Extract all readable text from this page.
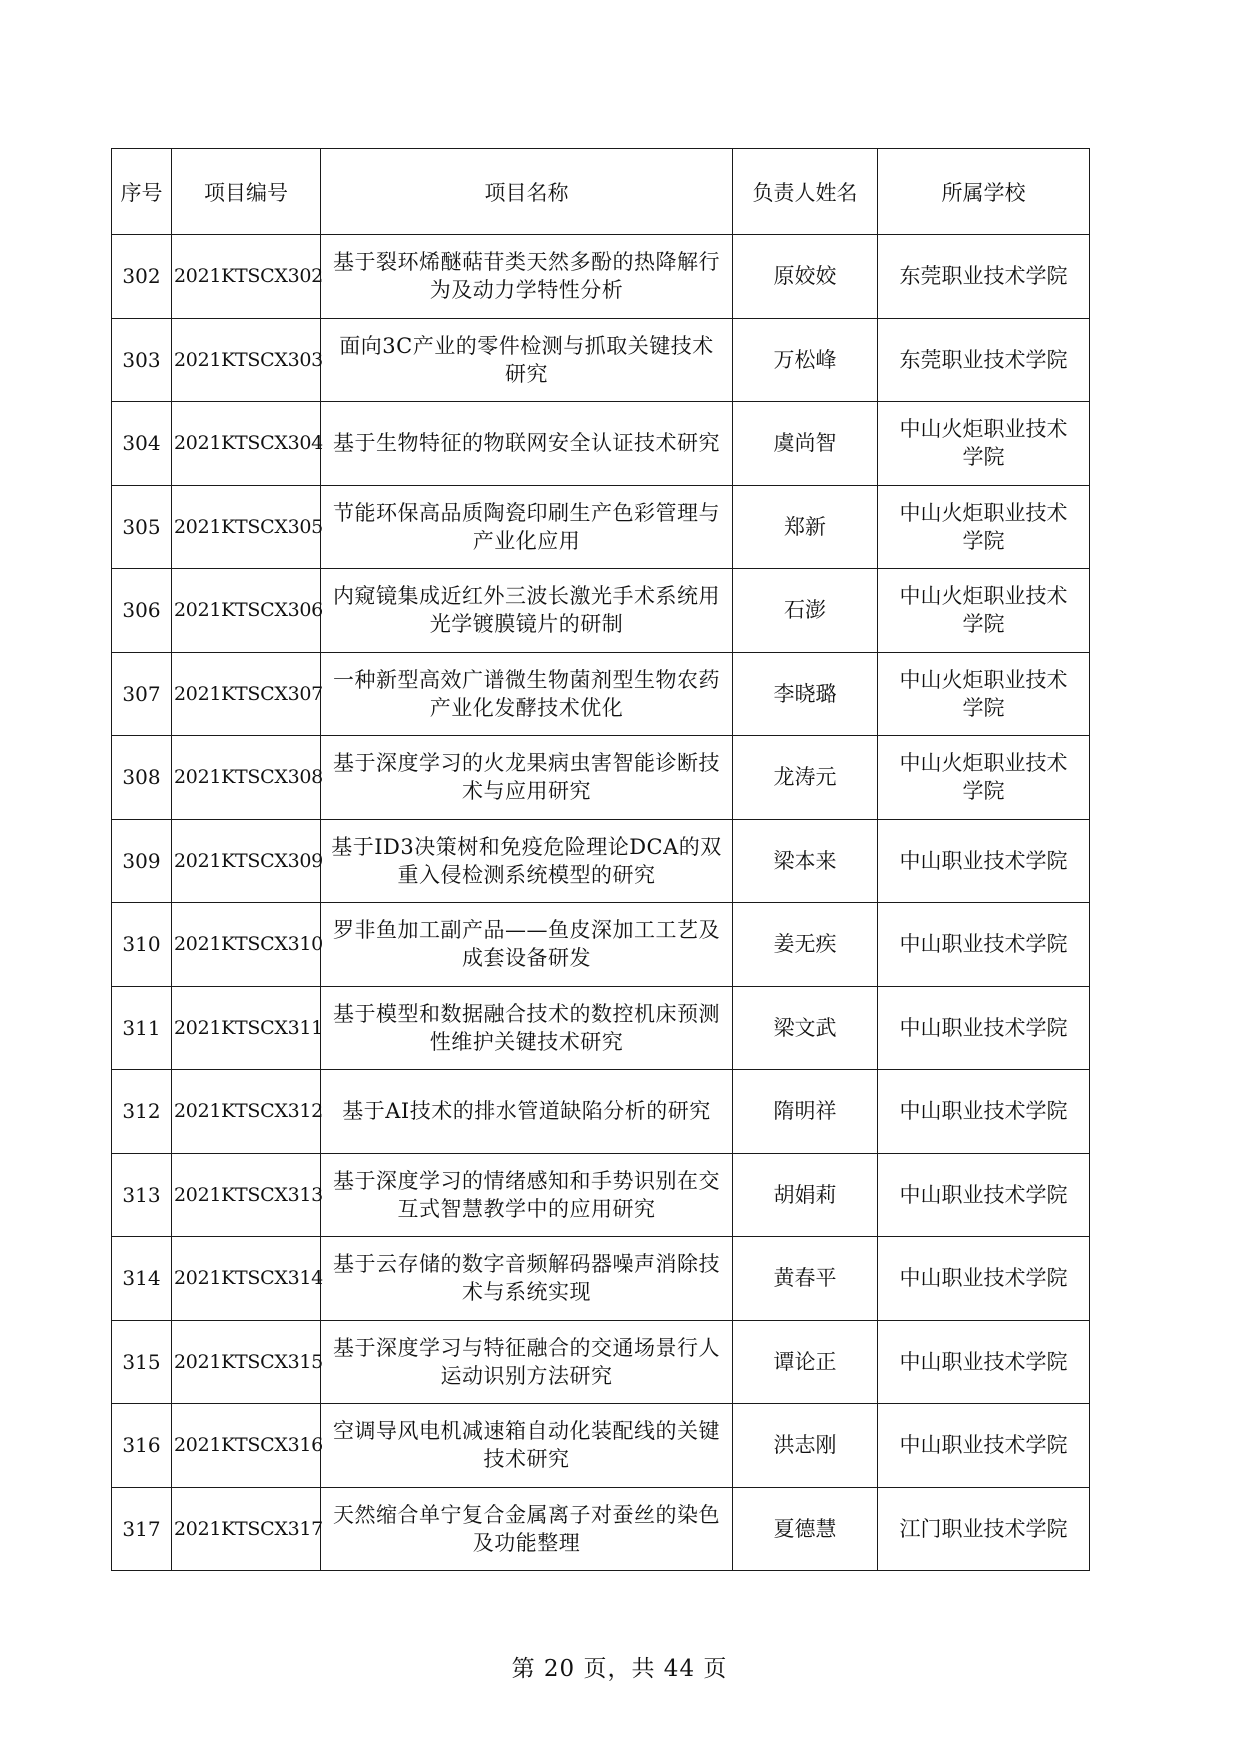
序号	项目编号	项目名称	负责人姓名	所属学校
302	2021KTSCX302	基于裂环烯醚萜苷类天然多酚的热降解行为及动力学特性分析	原姣姣	东莞职业技术学院
303	2021KTSCX303	面向3C产业的零件检测与抓取关键技术研究	万松峰	东莞职业技术学院
304	2021KTSCX304	基于生物特征的物联网安全认证技术研究	虞尚智	中山火炬职业技术学院
305	2021KTSCX305	节能环保高品质陶瓷印刷生产色彩管理与产业化应用	郑新	中山火炬职业技术学院
306	2021KTSCX306	内窥镜集成近红外三波长激光手术系统用光学镀膜镜片的研制	石澎	中山火炬职业技术学院
307	2021KTSCX307	一种新型高效广谱微生物菌剂型生物农药产业化发酵技术优化	李晓璐	中山火炬职业技术学院
308	2021KTSCX308	基于深度学习的火龙果病虫害智能诊断技术与应用研究	龙涛元	中山火炬职业技术学院
309	2021KTSCX309	基于ID3决策树和免疫危险理论DCA的双重入侵检测系统模型的研究	梁本来	中山职业技术学院
310	2021KTSCX310	罗非鱼加工副产品——鱼皮深加工工艺及成套设备研发	姜无疾	中山职业技术学院
311	2021KTSCX311	基于模型和数据融合技术的数控机床预测性维护关键技术研究	梁文武	中山职业技术学院
312	2021KTSCX312	基于AI技术的排水管道缺陷分析的研究	隋明祥	中山职业技术学院
313	2021KTSCX313	基于深度学习的情绪感知和手势识别在交互式智慧教学中的应用研究	胡娟莉	中山职业技术学院
314	2021KTSCX314	基于云存储的数字音频解码器噪声消除技术与系统实现	黄春平	中山职业技术学院
315	2021KTSCX315	基于深度学习与特征融合的交通场景行人运动识别方法研究	谭论正	中山职业技术学院
316	2021KTSCX316	空调导风电机减速箱自动化装配线的关键技术研究	洪志刚	中山职业技术学院
317	2021KTSCX317	天然缩合单宁复合金属离子对蚕丝的染色及功能整理	夏德慧	江门职业技术学院
第 20 页，共 44 页
